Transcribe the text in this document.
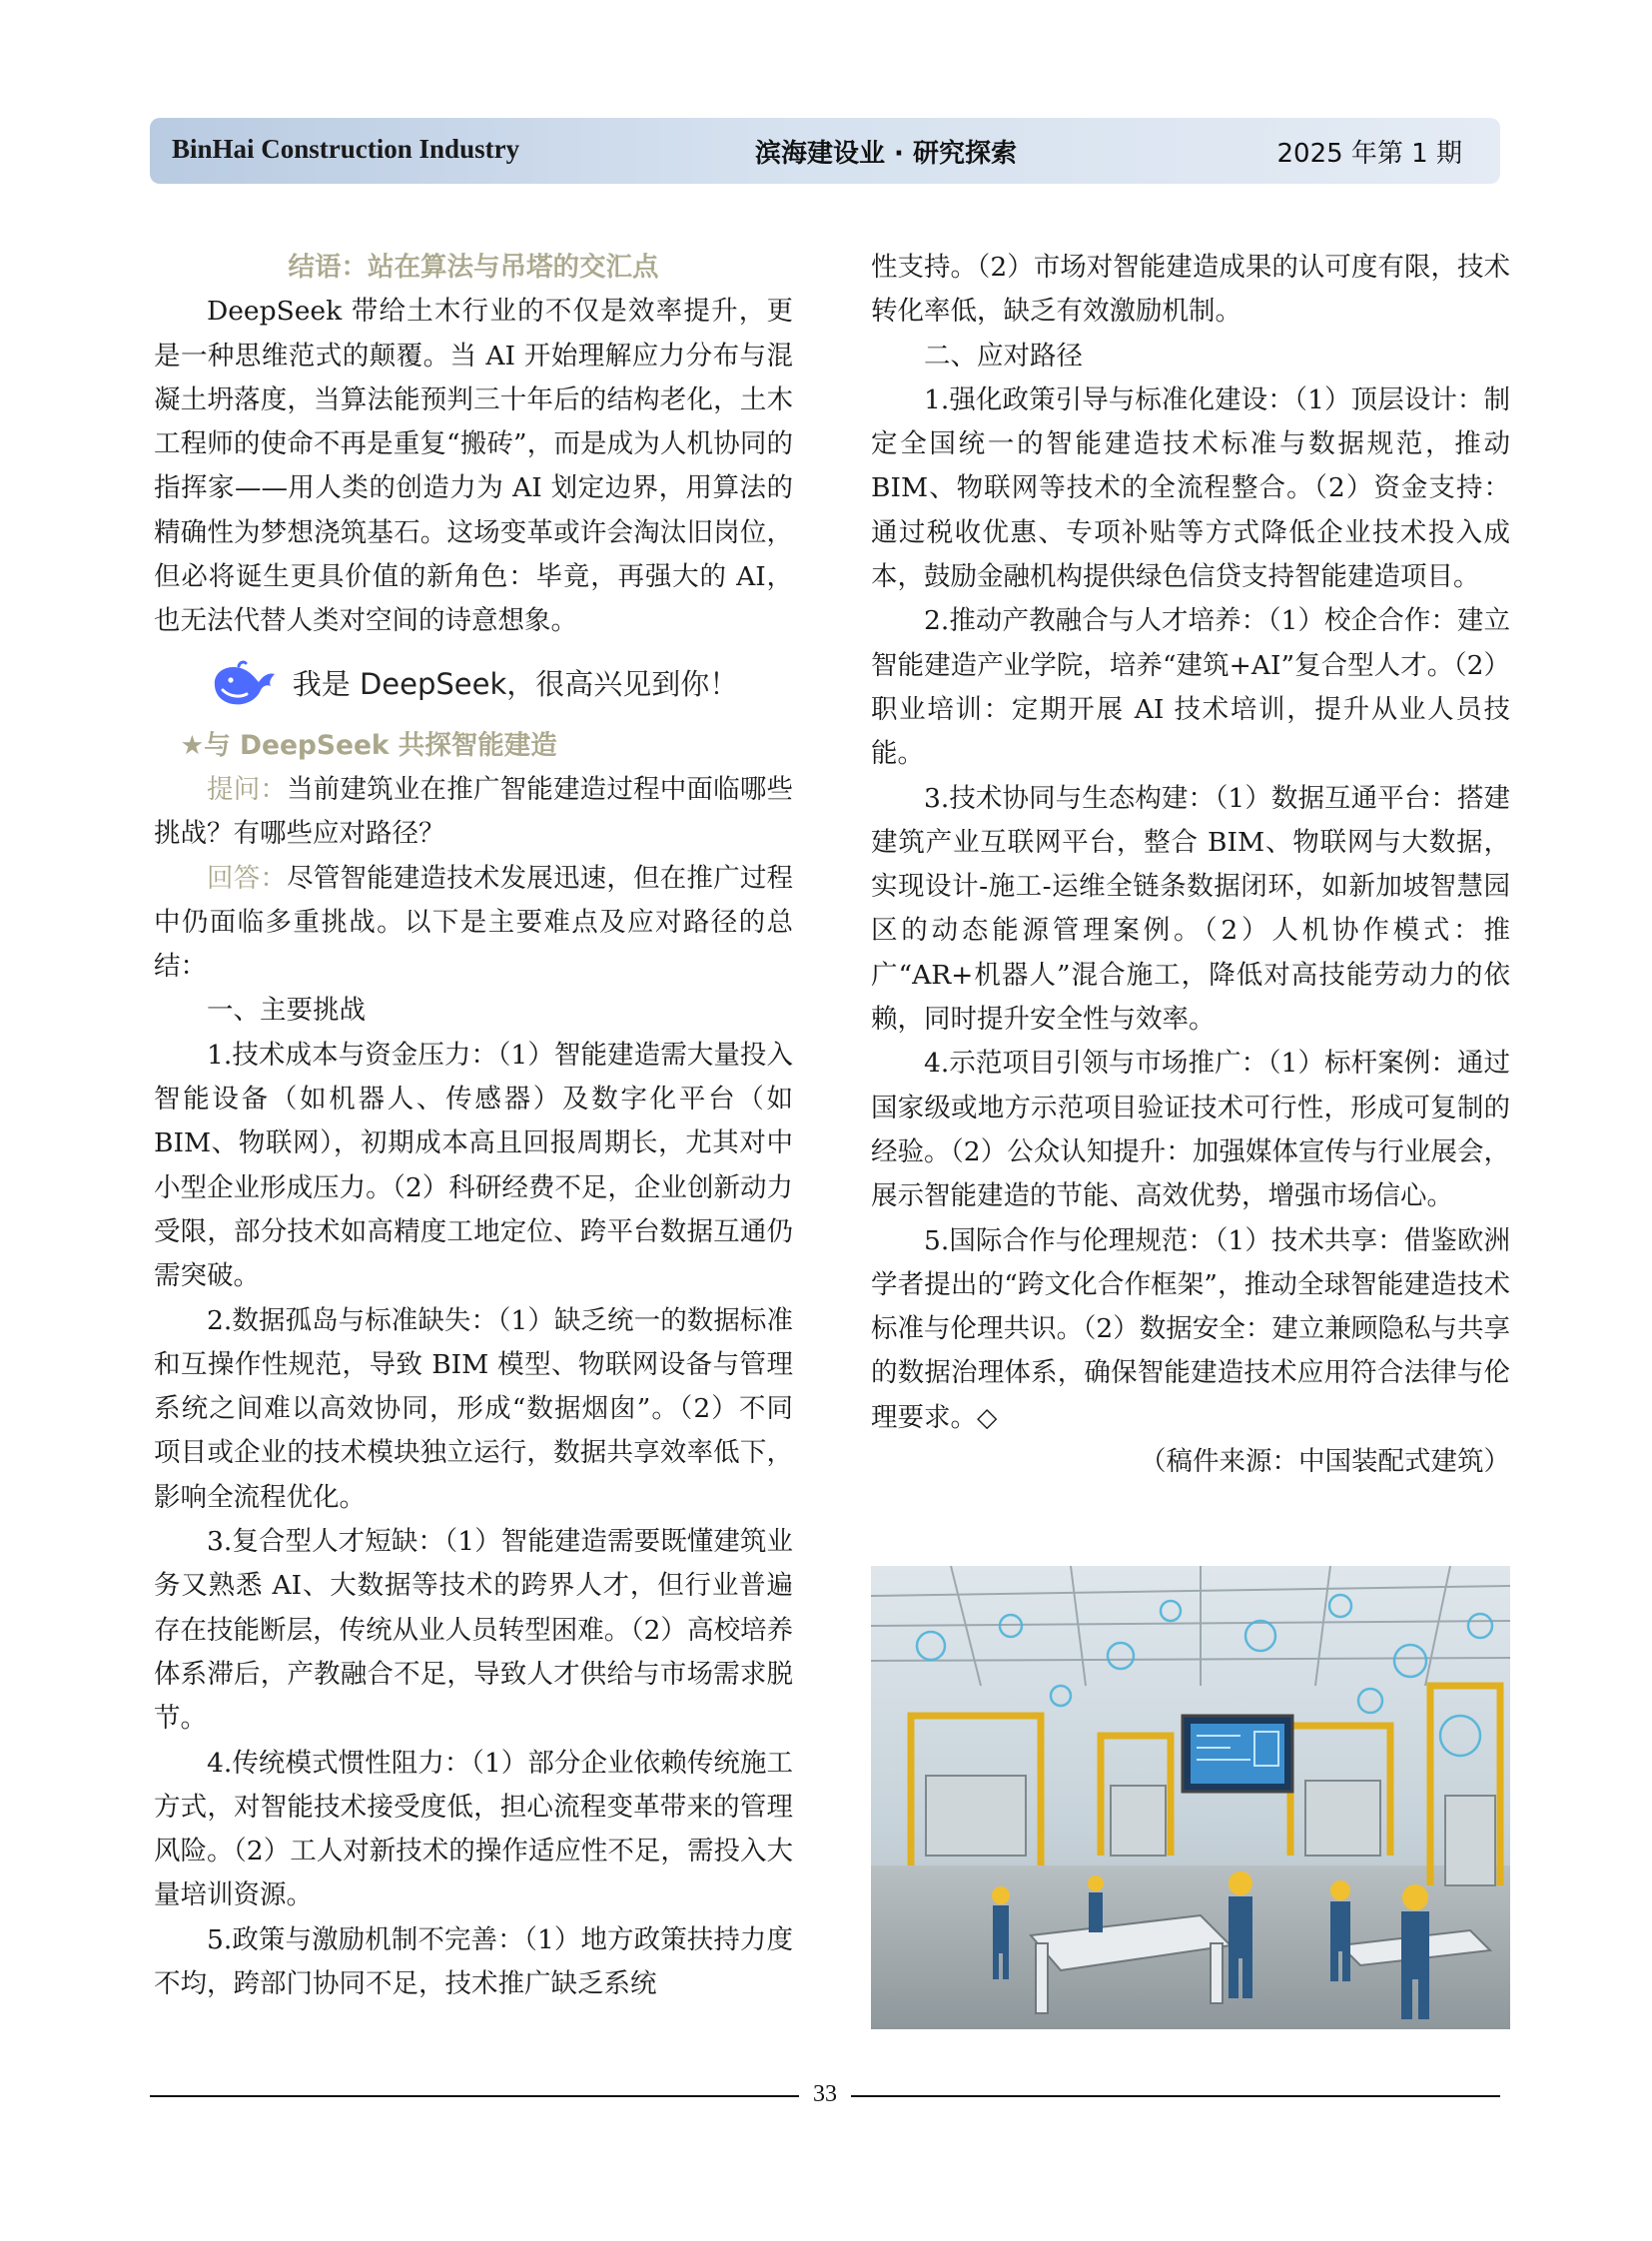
BinHai Construction Industry	滨海建设业 · 研究探索	2025 年第 1 期

结语：站在算法与吊塔的交汇点

DeepSeek 带给土木行业的不仅是效率提升，更是一种思维范式的颠覆。当 AI 开始理解应力分布与混凝土坍落度，当算法能预判三十年后的结构老化，土木工程师的使命不再是重复“搬砖”，而是成为人机协同的指挥家——用人类的创造力为 AI 划定边界，用算法的精确性为梦想浇筑基石。这场变革或许会淘汰旧岗位，但必将诞生更具价值的新角色：毕竟，再强大的 AI，也无法代替人类对空间的诗意想象。

我是 DeepSeek，很高兴见到你！

★与 DeepSeek 共探智能建造

提问：当前建筑业在推广智能建造过程中面临哪些挑战？有哪些应对路径？

回答：尽管智能建造技术发展迅速，但在推广过程中仍面临多重挑战。以下是主要难点及应对路径的总结：

一、主要挑战

1.技术成本与资金压力：（1）智能建造需大量投入智能设备（如机器人、传感器）及数字化平台（如 BIM、物联网），初期成本高且回报周期长，尤其对中小型企业形成压力。（2）科研经费不足，企业创新动力受限，部分技术如高精度工地定位、跨平台数据互通仍需突破。

2.数据孤岛与标准缺失：（1）缺乏统一的数据标准和互操作性规范，导致 BIM 模型、物联网设备与管理系统之间难以高效协同，形成“数据烟囱”。（2）不同项目或企业的技术模块独立运行，数据共享效率低下，影响全流程优化。

3.复合型人才短缺：（1）智能建造需要既懂建筑业务又熟悉 AI、大数据等技术的跨界人才，但行业普遍存在技能断层，传统从业人员转型困难。（2）高校培养体系滞后，产教融合不足，导致人才供给与市场需求脱节。

4.传统模式惯性阻力：（1）部分企业依赖传统施工方式，对智能技术接受度低，担心流程变革带来的管理风险。（2）工人对新技术的操作适应性不足，需投入大量培训资源。

5.政策与激励机制不完善：（1）地方政策扶持力度不均，跨部门协同不足，技术推广缺乏系统

性支持。（2）市场对智能建造成果的认可度有限，技术转化率低，缺乏有效激励机制。

二、应对路径

1.强化政策引导与标准化建设：（1）顶层设计：制定全国统一的智能建造技术标准与数据规范，推动 BIM、物联网等技术的全流程整合。（2）资金支持：通过税收优惠、专项补贴等方式降低企业技术投入成本，鼓励金融机构提供绿色信贷支持智能建造项目。

2.推动产教融合与人才培养：（1）校企合作：建立智能建造产业学院，培养“建筑+AI”复合型人才。（2）职业培训：定期开展 AI 技术培训，提升从业人员技能。

3.技术协同与生态构建：（1）数据互通平台：搭建建筑产业互联网平台，整合 BIM、物联网与大数据，实现设计-施工-运维全链条数据闭环，如新加坡智慧园区的动态能源管理案例。（2）人机协作模式：推广“AR+机器人”混合施工，降低对高技能劳动力的依赖，同时提升安全性与效率。

4.示范项目引领与市场推广：（1）标杆案例：通过国家级或地方示范项目验证技术可行性，形成可复制的经验。（2）公众认知提升：加强媒体宣传与行业展会，展示智能建造的节能、高效优势，增强市场信心。

5.国际合作与伦理规范：（1）技术共享：借鉴欧洲学者提出的“跨文化合作框架”，推动全球智能建造技术标准与伦理共识。（2）数据安全：建立兼顾隐私与共享的数据治理体系，确保智能建造技术应用符合法律与伦理要求。◇

（稿件来源：中国装配式建筑）

33
